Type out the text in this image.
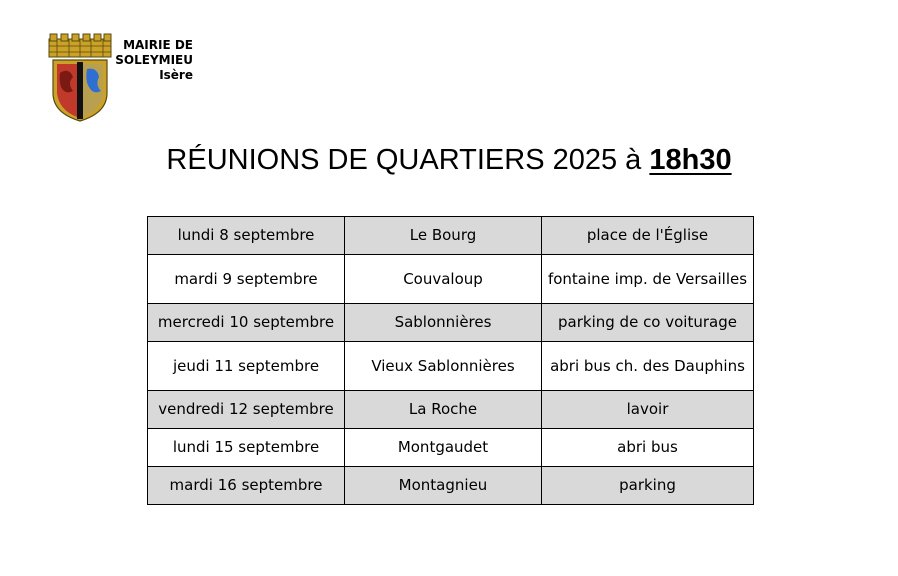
MAIRIE DE
SOLEYMIEU
Isère
RÉUNIONS DE QUARTIERS 2025 à 18h30
lundi 8 septembre	Le Bourg	place de l'Église
mardi 9 septembre	Couvaloup	fontaine imp. de Versailles
mercredi 10 septembre	Sablonnières	parking de co voiturage
jeudi 11 septembre	Vieux Sablonnières	abri bus ch. des Dauphins
vendredi 12 septembre	La Roche	lavoir
lundi 15 septembre	Montgaudet	abri bus
mardi 16 septembre	Montagnieu	parking
